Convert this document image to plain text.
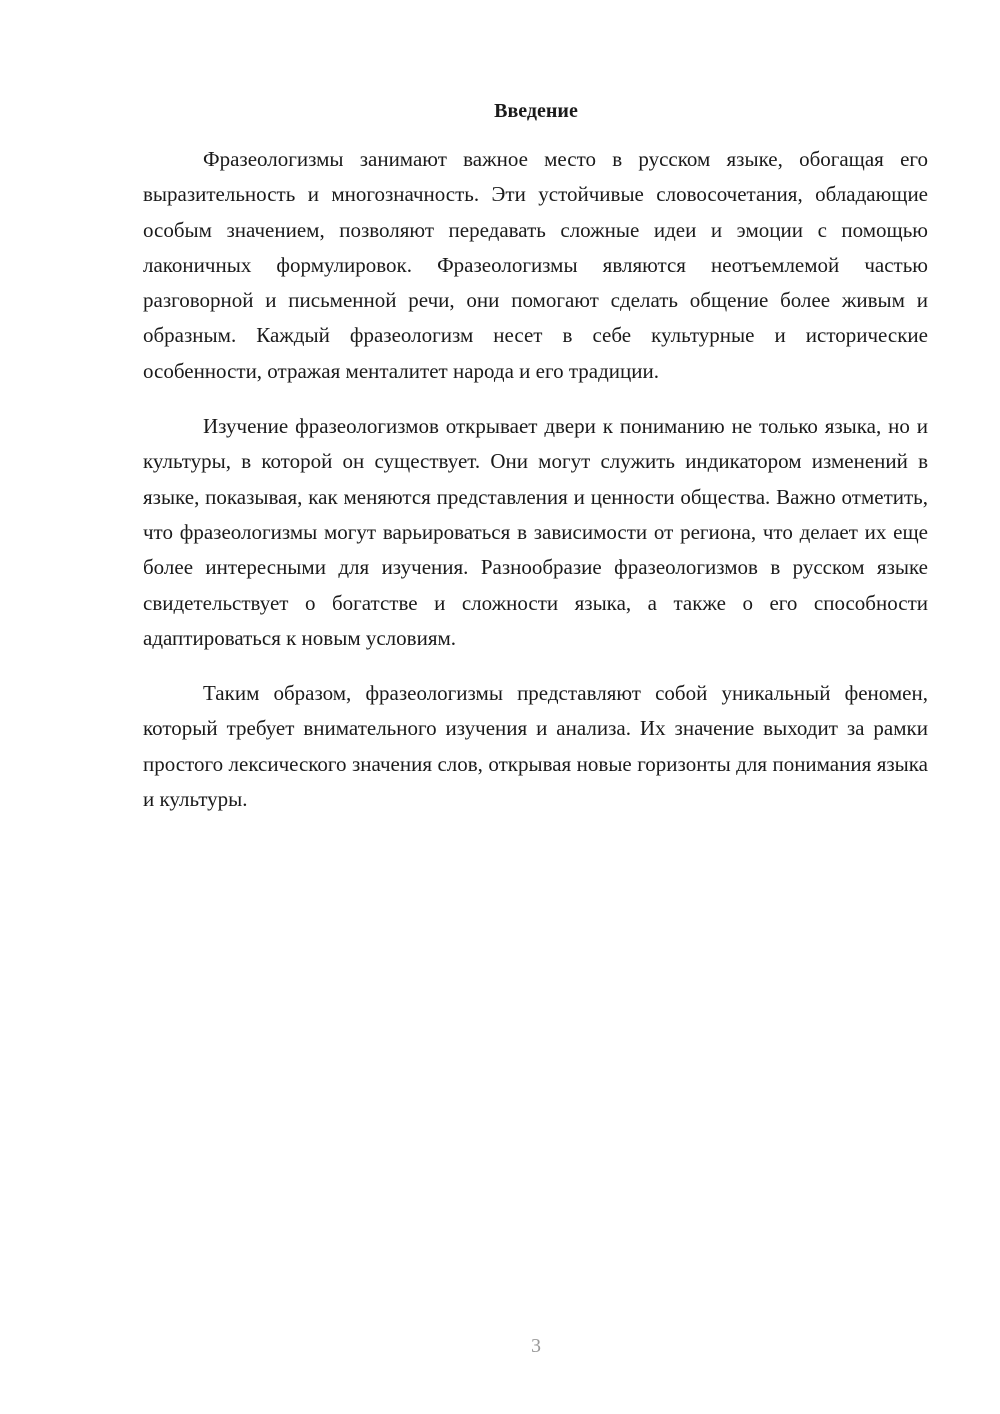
Введение

Фразеологизмы занимают важное место в русском языке, обогащая его выразительность и многозначность. Эти устойчивые словосочетания, обладающие особым значением, позволяют передавать сложные идеи и эмоции с помощью лаконичных формулировок. Фразеологизмы являются неотъемлемой частью разговорной и письменной речи, они помогают сделать общение более живым и образным. Каждый фразеологизм несет в себе культурные и исторические особенности, отражая менталитет народа и его традиции.

Изучение фразеологизмов открывает двери к пониманию не только языка, но и культуры, в которой он существует. Они могут служить индикатором изменений в языке, показывая, как меняются представления и ценности общества. Важно отметить, что фразеологизмы могут варьироваться в зависимости от региона, что делает их еще более интересными для изучения. Разнообразие фразеологизмов в русском языке свидетельствует о богатстве и сложности языка, а также о его способности адаптироваться к новым условиям.

Таким образом, фразеологизмы представляют собой уникальный феномен, который требует внимательного изучения и анализа. Их значение выходит за рамки простого лексического значения слов, открывая новые горизонты для понимания языка и культуры.

3
